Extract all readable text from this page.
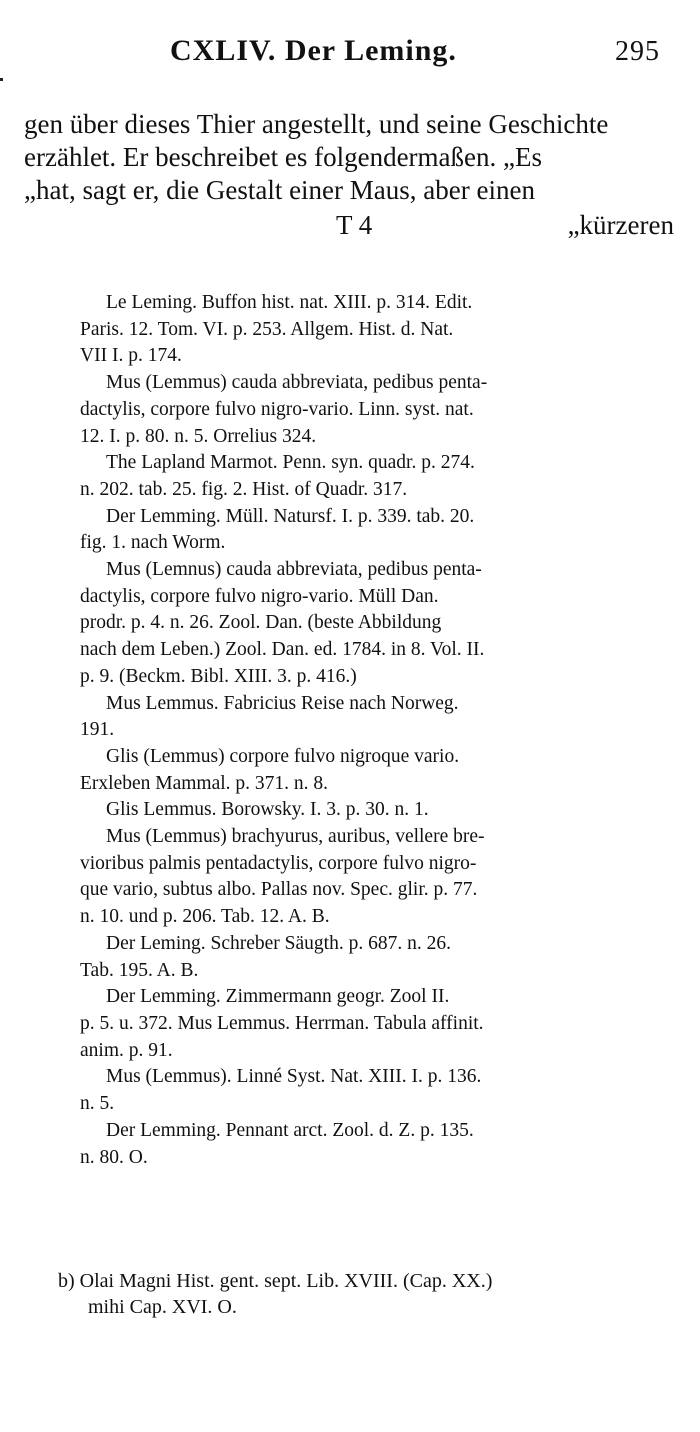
CXLIV. Der Leming.	295
gen über dieses Thier angestellt, und seine Geschichte
erzählet. Er beschreibet es folgendermaßen. „Es
„hat, sagt er, die Gestalt einer Maus, aber einen
T 4	„kürzeren
Le Leming. Buffon hist. nat. XIII. p. 314. Edit.
Paris. 12. Tom. VI. p. 253. Allgem. Hist. d. Nat.
VII I. p. 174.
Mus (Lemmus) cauda abbreviata, pedibus penta-
dactylis, corpore fulvo nigro-vario. Linn. syst. nat.
12. I. p. 80. n. 5. Orrelius 324.
The Lapland Marmot. Penn. syn. quadr. p. 274.
n. 202. tab. 25. fig. 2. Hist. of Quadr. 317.
Der Lemming. Müll. Natursf. I. p. 339. tab. 20.
fig. 1. nach Worm.
Mus (Lemnus) cauda abbreviata, pedibus penta-
dactylis, corpore fulvo nigro-vario. Müll Dan.
prodr. p. 4. n. 26. Zool. Dan. (beste Abbildung
nach dem Leben.) Zool. Dan. ed. 1784. in 8. Vol. II.
p. 9. (Beckm. Bibl. XIII. 3. p. 416.)
Mus Lemmus. Fabricius Reise nach Norweg.
191.
Glis (Lemmus) corpore fulvo nigroque vario.
Erxleben Mammal. p. 371. n. 8.
Glis Lemmus. Borowsky. I. 3. p. 30. n. 1.
Mus (Lemmus) brachyurus, auribus, vellere bre-
vioribus palmis pentadactylis, corpore fulvo nigro-
que vario, subtus albo. Pallas nov. Spec. glir. p. 77.
n. 10. und p. 206. Tab. 12. A. B.
Der Leming. Schreber Säugth. p. 687. n. 26.
Tab. 195. A. B.
Der Lemming. Zimmermann geogr. Zool II.
p. 5. u. 372. Mus Lemmus. Herrman. Tabula affinit.
anim. p. 91.
Mus (Lemmus). Linné Syst. Nat. XIII. I. p. 136.
n. 5.
Der Lemming. Pennant arct. Zool. d. Z. p. 135.
n. 80. O.
b) Olai Magni Hist. gent. sept. Lib. XVIII. (Cap. XX.)
mihi Cap. XVI. O.
